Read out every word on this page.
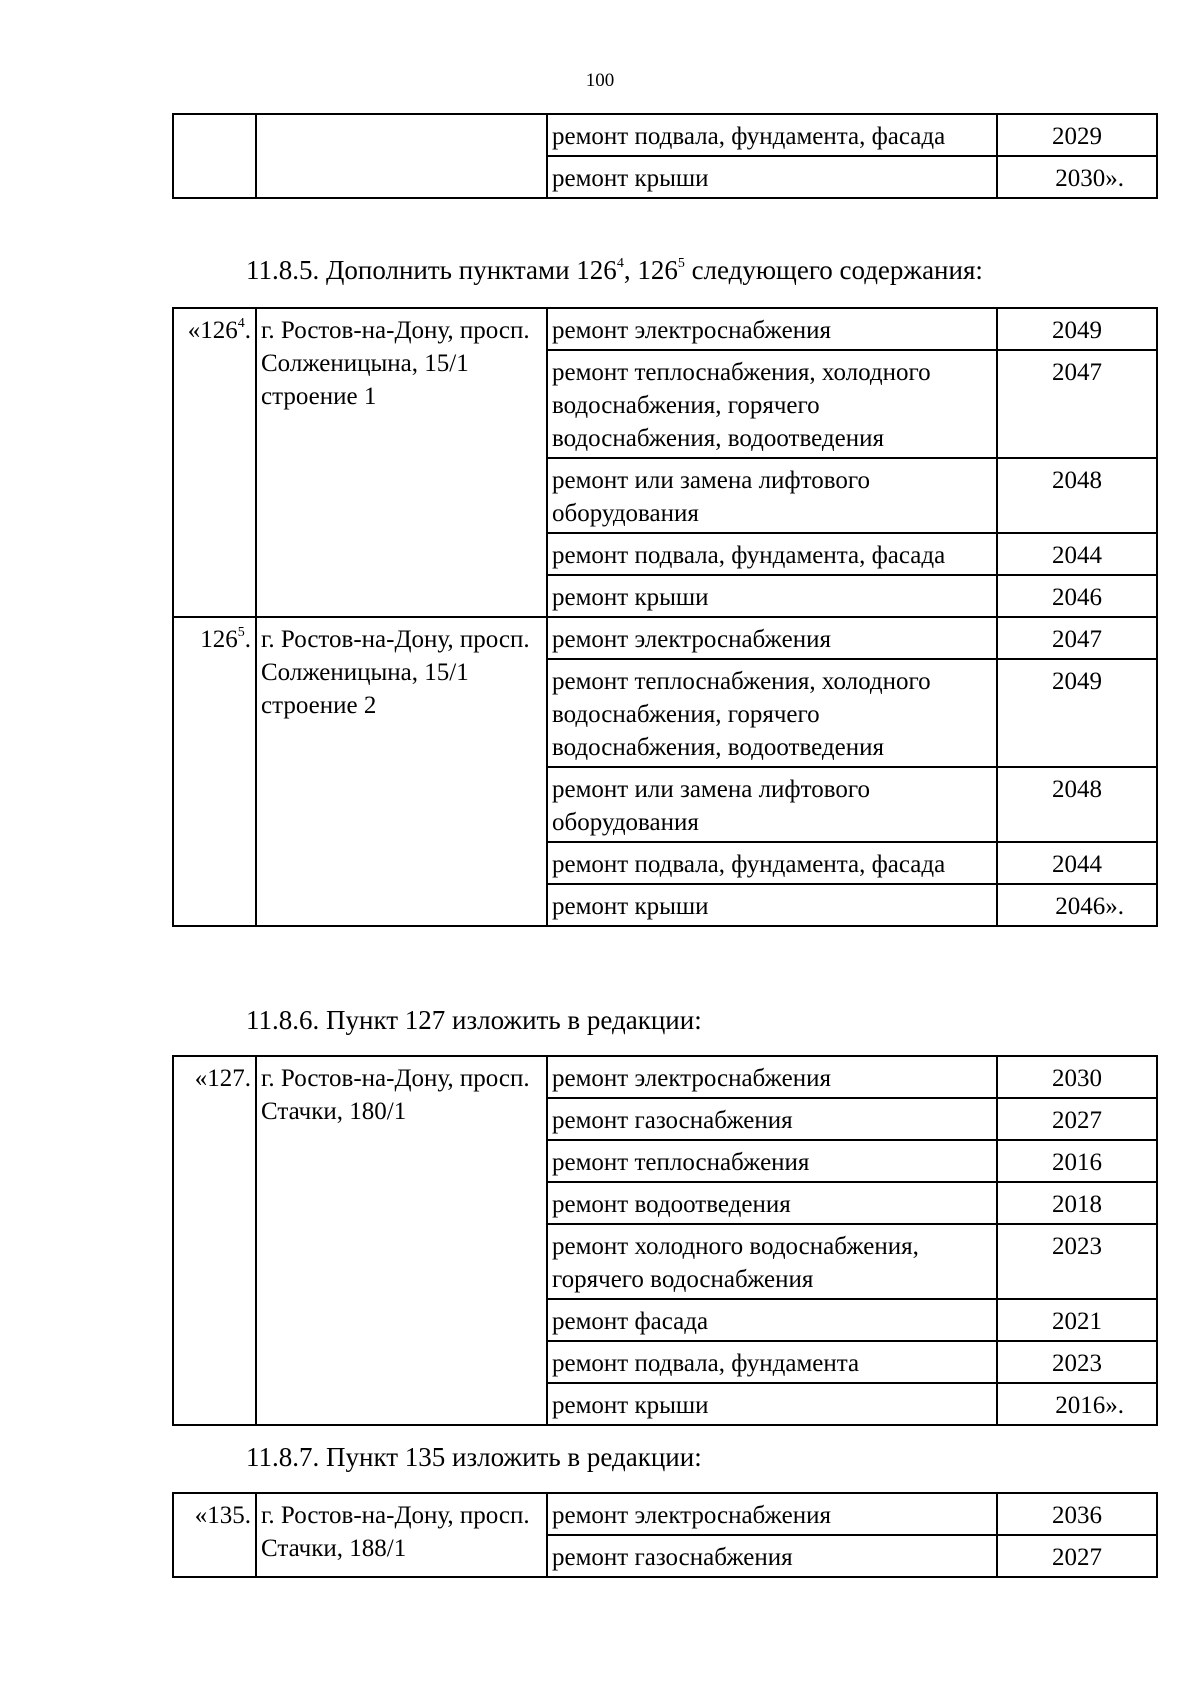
100
		ремонт подвала, фундамента, фасада	2029
		ремонт крыши	2030».
11.8.5. Дополнить пунктами $126^4$, $126^5$ следующего содержания:
«$126^4$.	г. Ростов-на-Дону, просп. Солженицына, 15/1 строение 1	ремонт электроснабжения	2049
		ремонт теплоснабжения, холодного водоснабжения, горячего водоснабжения, водоотведения	2047
		ремонт или замена лифтового оборудования	2048
		ремонт подвала, фундамента, фасада	2044
		ремонт крыши	2046
$126^5$.	г. Ростов-на-Дону, просп. Солженицына, 15/1 строение 2	ремонт электроснабжения	2047
		ремонт теплоснабжения, холодного водоснабжения, горячего водоснабжения, водоотведения	2049
		ремонт или замена лифтового оборудования	2048
		ремонт подвала, фундамента, фасада	2044
		ремонт крыши	2046».
11.8.6. Пункт 127 изложить в редакции:
«127.	г. Ростов-на-Дону, просп. Стачки, 180/1	ремонт электроснабжения	2030
		ремонт газоснабжения	2027
		ремонт теплоснабжения	2016
		ремонт водоотведения	2018
		ремонт холодного водоснабжения, горячего водоснабжения	2023
		ремонт фасада	2021
		ремонт подвала, фундамента	2023
		ремонт крыши	2016».
11.8.7. Пункт 135 изложить в редакции:
«135.	г. Ростов-на-Дону, просп. Стачки, 188/1	ремонт электроснабжения	2036
		ремонт газоснабжения	2027
